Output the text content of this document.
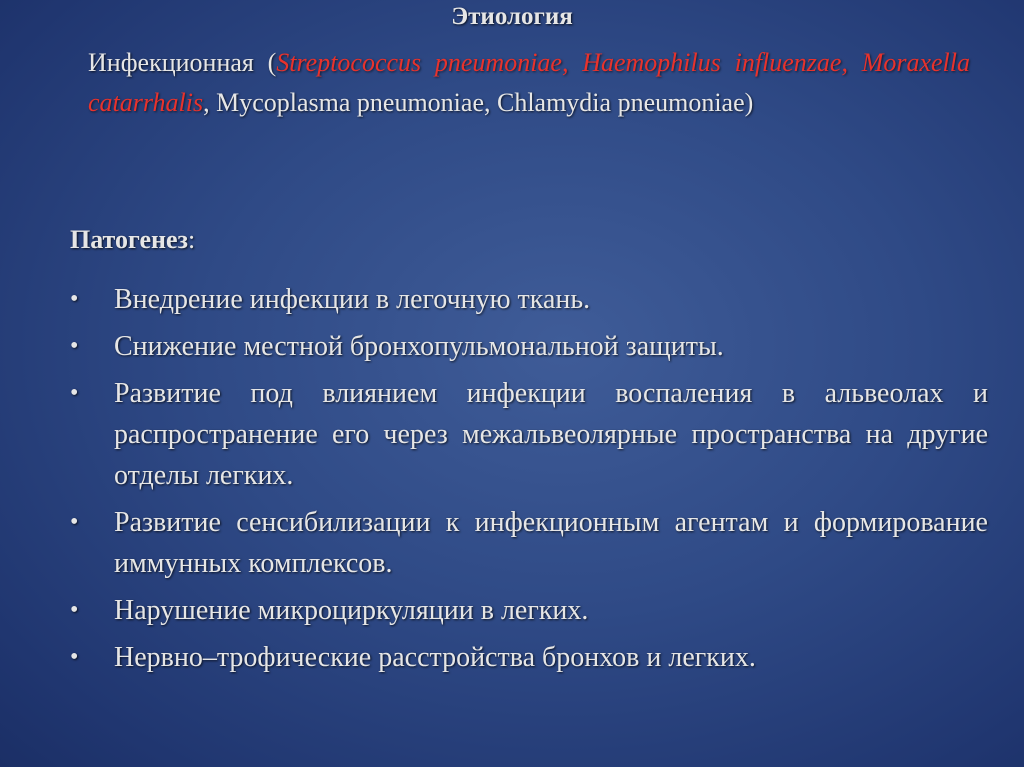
Этиология
Инфекционная (Streptococcus pneumoniae, Haemophilus influenzae, Moraxella catarrhalis, Mycoplasma pneumoniae, Chlamydia pneumoniae)
Патогенез:
• Внедрение инфекции в легочную ткань.
• Снижение местной бронхопульмональной защиты.
• Развитие под влиянием инфекции воспаления в альвеолах и распространение его через межальвеолярные пространства на другие отделы легких.
• Развитие сенсибилизации к инфекционным агентам и формирование иммунных комплексов.
• Нарушение микроциркуляции в легких.
• Нервно–трофические расстройства бронхов и легких.
